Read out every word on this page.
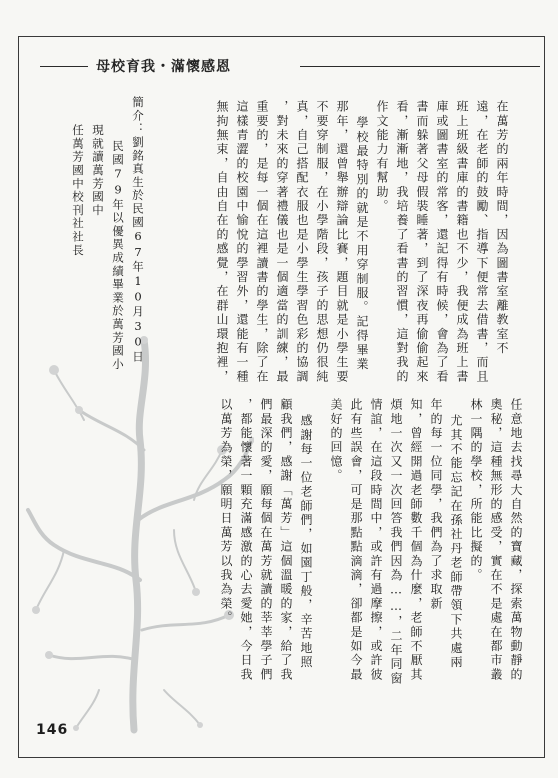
母校育我・滿懷感恩
在萬芳的兩年時間，因為圖書室離教室不
遠，在老師的鼓勵、指導下便常去借書，而且
班上班級書庫的書籍也不少，我便成為班上書
庫或圖書室的常客，還記得有時候，會為了看
書而躲著父母假裝睡著，到了深夜再偷偷起來
看，漸漸地，我培養了看書的習慣，這對我的
作文能力有幫助。
學校最特別的就是不用穿制服。記得畢業
那年，還曾舉辦辯論比賽，題目就是小學生要
不要穿制服，在小學階段，孩子的思想仍很純
真，自己搭配衣服也是小學生學習色彩的協調
，對未來的穿著禮儀也是一個適當的訓練，最
重要的，是每一個在這裡讀書的學生，除了在
這樣青澀的校園中愉悅的學習外，還能有一種
無拘無束，自由自在的感覺，在群山環抱裡，
簡介：劉銘真生於民國67年10月30日
民國79年以優異成績畢業於萬芳國小
現就讀萬芳國中
任萬芳國中校刊社社長
任意地去找尋大自然的寶藏，探索萬物動靜的
奧秘，這種無形的感受，實在不是處在都市叢
林一隅的學校，所能比擬的。
尤其不能忘記在孫社丹老師帶領下共處兩
年的每一位同學，我們為了求取新
知，曾經開過老師數千個為什麼，老師不厭其
煩地一次又一次回答我們因為……，二年同窗
情誼，在這段時間中，或許有過摩擦，或許彼
此有些誤會，可是那點點滴滴，卻都是如今最
美好的回憶。
感謝每一位老師們，如園丁般，辛苦地照
顧我們，感謝「萬芳」這個溫暖的家，給了我
們最深的愛，願每個在萬芳就讀的莘莘學子們
，都能懷著一顆充滿感激的心去愛她，今日我
以萬芳為榮，願明日萬芳以我為榮。
146
